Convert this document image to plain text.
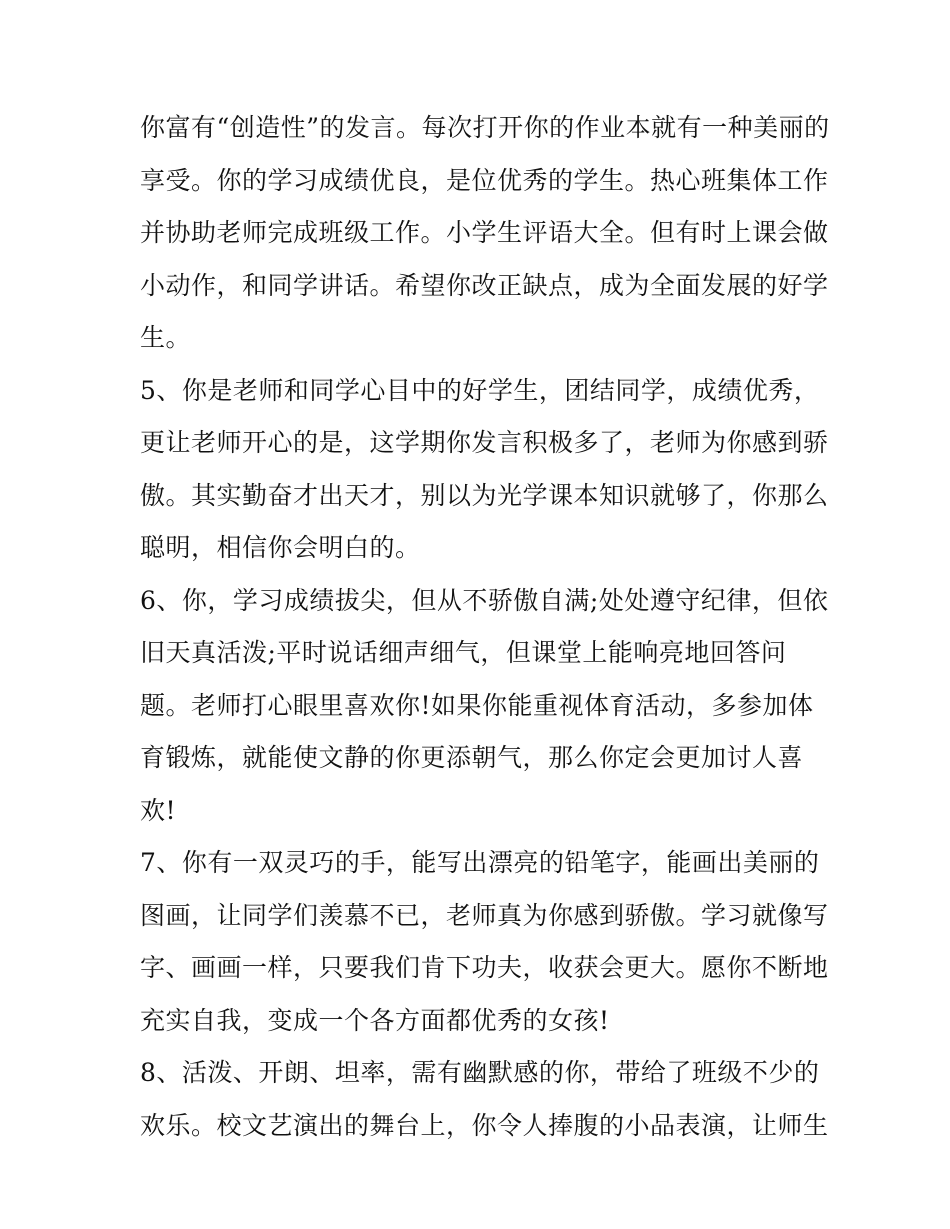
你富有“创造性”的发言。每次打开你的作业本就有一种美丽的
享受。你的学习成绩优良，是位优秀的学生。热心班集体工作
并协助老师完成班级工作。小学生评语大全。但有时上课会做
小动作，和同学讲话。希望你改正缺点，成为全面发展的好学
生。
5、你是老师和同学心目中的好学生，团结同学，成绩优秀，
更让老师开心的是，这学期你发言积极多了，老师为你感到骄
傲。其实勤奋才出天才，别以为光学课本知识就够了，你那么
聪明，相信你会明白的。
6、你，学习成绩拔尖，但从不骄傲自满;处处遵守纪律，但依
旧天真活泼;平时说话细声细气，但课堂上能响亮地回答问
题。老师打心眼里喜欢你!如果你能重视体育活动，多参加体
育锻炼，就能使文静的你更添朝气，那么你定会更加讨人喜
欢!
7、你有一双灵巧的手，能写出漂亮的铅笔字，能画出美丽的
图画，让同学们羡慕不已，老师真为你感到骄傲。学习就像写
字、画画一样，只要我们肯下功夫，收获会更大。愿你不断地
充实自我，变成一个各方面都优秀的女孩!
8、活泼、开朗、坦率，需有幽默感的你，带给了班级不少的
欢乐。校文艺演出的舞台上，你令人捧腹的小品表演，让师生
